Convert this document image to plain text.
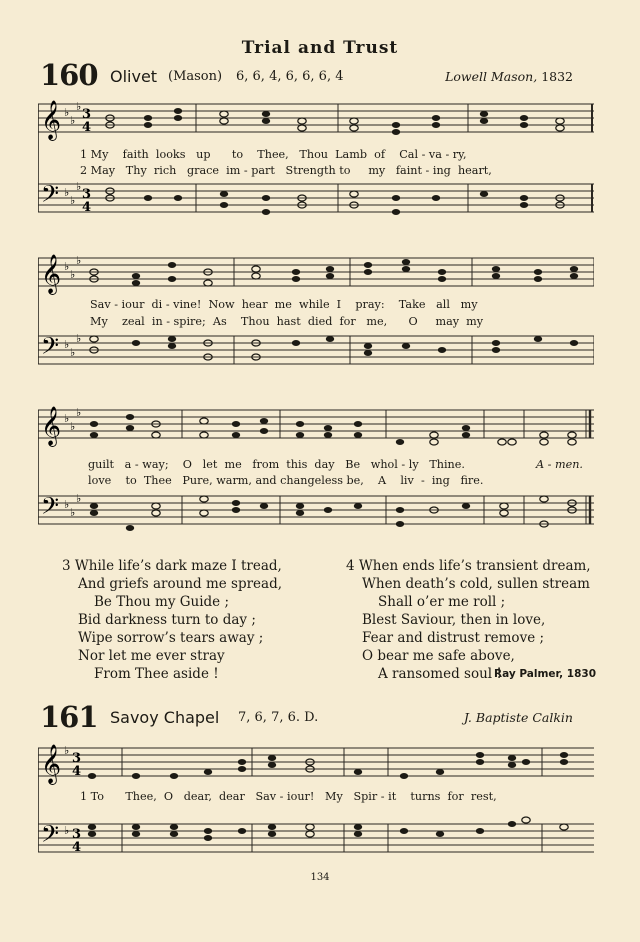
Trial and Trust
160 Olivet (Mason) 6, 6, 4, 6, 6, 6, 4	Lowell Mason, 1832
𝄞
𝄢
♭
♭
♭
♭
♭
♭
3
4
3
4
1 My    faith  looks   up      to    Thee,   Thou  Lamb  of    Cal - va - ry,
2 May   Thy  rich   grace  im - part   Strength to     my   faint - ing  heart,
𝄞
𝄢
♭
♭
♭
♭
♭
♭
Sav - iour  di - vine!  Now  hear  me  while  I    pray:    Take   all   my
My    zeal  in - spire;  As    Thou  hast  died  for   me,      O     may  my
𝄞
𝄢
♭
♭
♭
♭
♭
♭
guilt   a - way;    O   let  me   from  this  day   Be   whol - ly   Thine.	A - men.
love    to  Thee   Pure, warm, and changeless be,    A    liv  -  ing   fire.
3 While life’s dark maze I tread,
And griefs around me spread,
Be Thou my Guide ;
Bid darkness turn to day ;
Wipe sorrow’s tears away ;
Nor let me ever stray
From Thee aside !
4 When ends life’s transient dream,
When death’s cold, sullen stream
Shall o’er me roll ;
Blest Saviour, then in love,
Fear and distrust remove ;
O bear me safe above,
A ransomed soul !
Ray Palmer, 1830
161 Savoy Chapel 7, 6, 7, 6. D.	J. Baptiste Calkin
𝄞
𝄢
♭
♭
3
4
3
4
1 To      Thee,  O   dear,  dear   Sav - iour!   My   Spir - it    turns  for  rest,
134
